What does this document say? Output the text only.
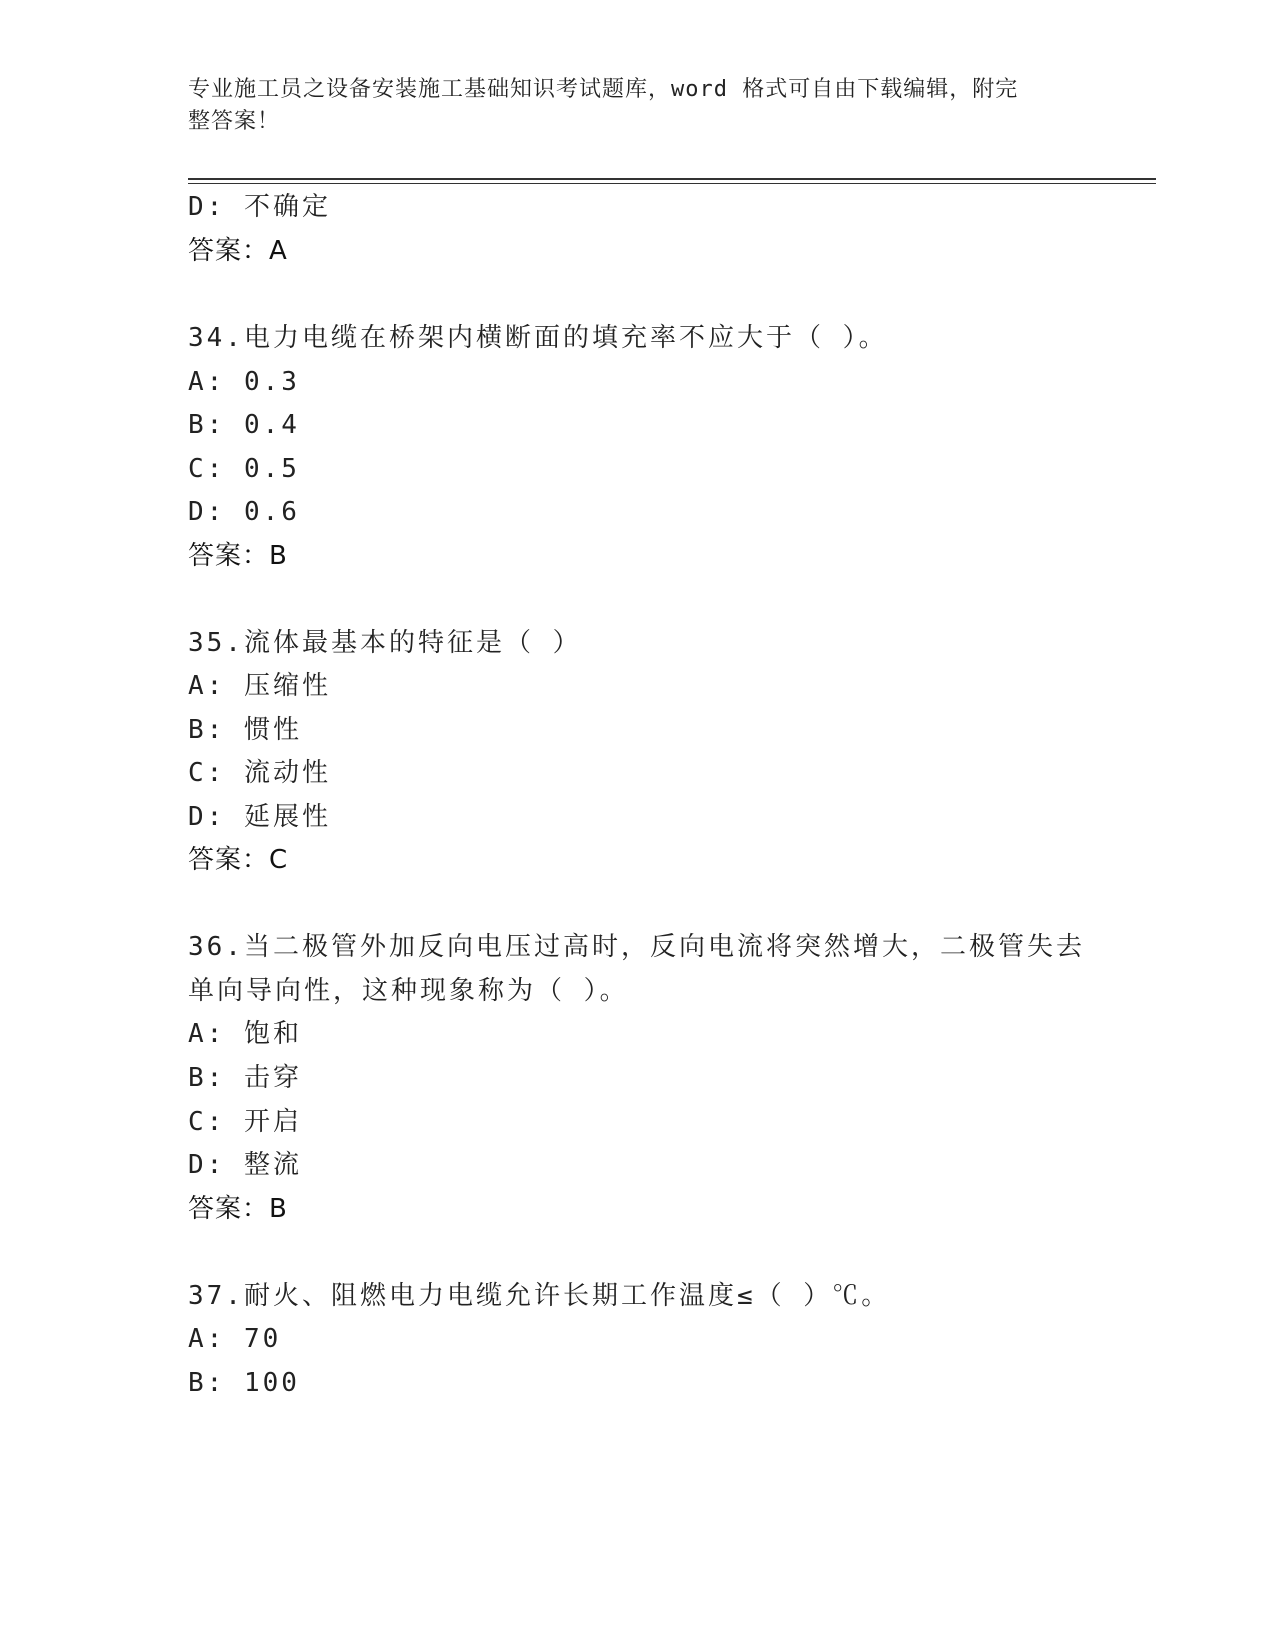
专业施工员之设备安装施工基础知识考试题库，word 格式可自由下载编辑，附完
整答案！
D: 不确定
答案：A
34.电力电缆在桥架内横断面的填充率不应大于（ ）。
A: 0.3
B: 0.4
C: 0.5
D: 0.6
答案：B
35.流体最基本的特征是（ ）
A: 压缩性
B: 惯性
C: 流动性
D: 延展性
答案：C
36.当二极管外加反向电压过高时，反向电流将突然增大，二极管失去
单向导向性，这种现象称为（ ）。
A: 饱和
B: 击穿
C: 开启
D: 整流
答案：B
37.耐火、阻燃电力电缆允许长期工作温度≤（ ）℃。
A: 70
B: 100
